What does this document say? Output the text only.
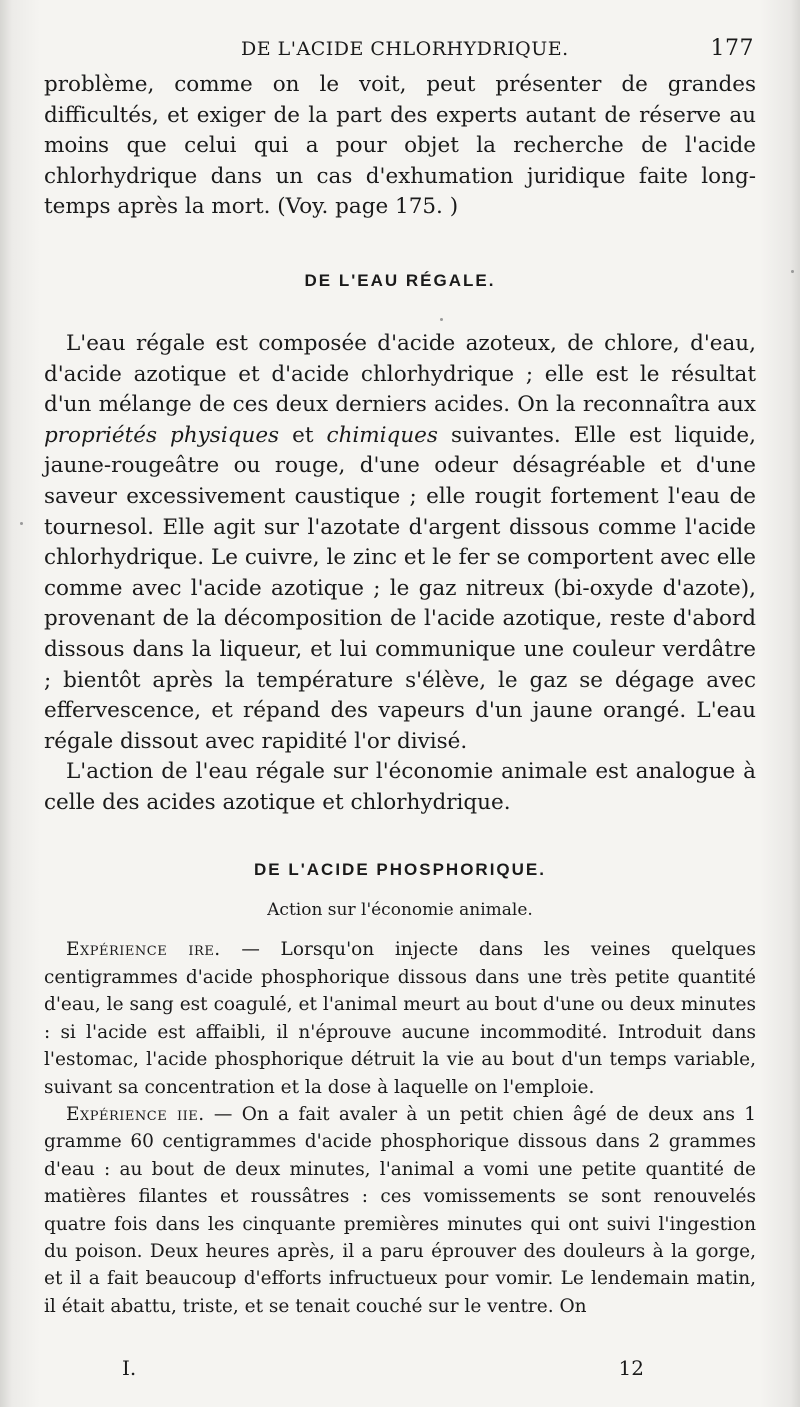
DE L'ACIDE CHLORHYDRIQUE.	177

problème, comme on le voit, peut présenter de grandes difficultés, et exiger de la part des experts autant de réserve au moins que celui qui a pour objet la recherche de l'acide chlorhydrique dans un cas d'exhumation juridique faite long-temps après la mort. (Voy. page 175. )

DE L'EAU RÉGALE.

L'eau régale est composée d'acide azoteux, de chlore, d'eau, d'acide azotique et d'acide chlorhydrique ; elle est le résultat d'un mélange de ces deux derniers acides. On la reconnaîtra aux propriétés physiques et chimiques suivantes. Elle est liquide, jaune-rougeâtre ou rouge, d'une odeur désagréable et d'une saveur excessivement caustique ; elle rougit fortement l'eau de tournesol. Elle agit sur l'azotate d'argent dissous comme l'acide chlorhydrique. Le cuivre, le zinc et le fer se comportent avec elle comme avec l'acide azotique ; le gaz nitreux (bi-oxyde d'azote), provenant de la décomposition de l'acide azotique, reste d'abord dissous dans la liqueur, et lui communique une couleur verdâtre ; bientôt après la température s'élève, le gaz se dégage avec effervescence, et répand des vapeurs d'un jaune orangé. L'eau régale dissout avec rapidité l'or divisé.

L'action de l'eau régale sur l'économie animale est analogue à celle des acides azotique et chlorhydrique.

DE L'ACIDE PHOSPHORIQUE.

Action sur l'économie animale.

Expérience ire. — Lorsqu'on injecte dans les veines quelques centigrammes d'acide phosphorique dissous dans une très petite quantité d'eau, le sang est coagulé, et l'animal meurt au bout d'une ou deux minutes : si l'acide est affaibli, il n'éprouve aucune incommodité. Introduit dans l'estomac, l'acide phosphorique détruit la vie au bout d'un temps variable, suivant sa concentration et la dose à laquelle on l'emploie.

Expérience iie. — On a fait avaler à un petit chien âgé de deux ans 1 gramme 60 centigrammes d'acide phosphorique dissous dans 2 grammes d'eau : au bout de deux minutes, l'animal a vomi une petite quantité de matières filantes et roussâtres : ces vomissements se sont renouvelés quatre fois dans les cinquante premières minutes qui ont suivi l'ingestion du poison. Deux heures après, il a paru éprouver des douleurs à la gorge, et il a fait beaucoup d'efforts infructueux pour vomir. Le lendemain matin, il était abattu, triste, et se tenait couché sur le ventre. On

I.	12
